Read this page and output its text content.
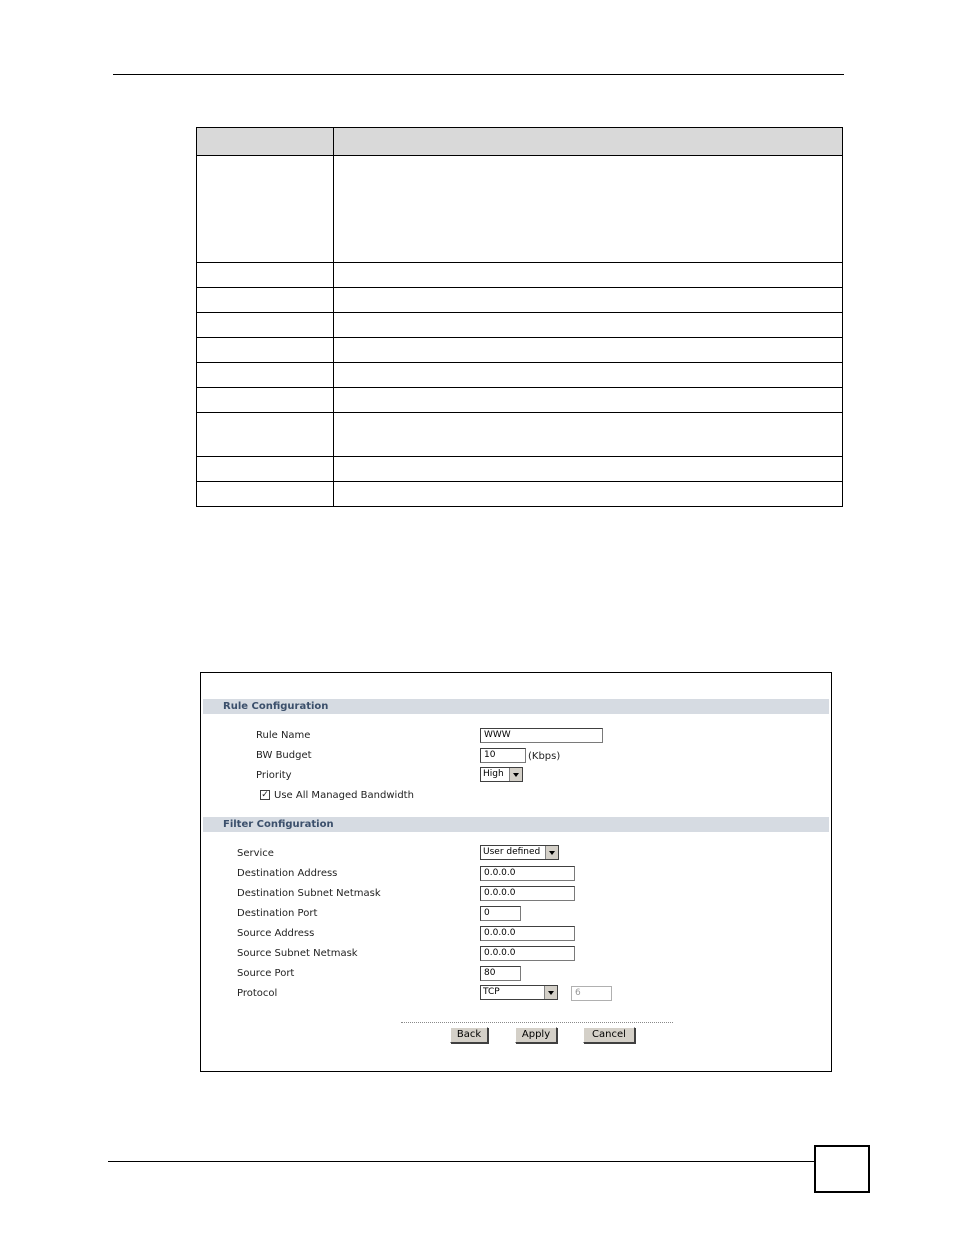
Rule Configuration
Rule Name	WWW
BW Budget	10	(Kbps)
Priority	High
✓ Use All Managed Bandwidth
Filter Configuration
Service	User defined
Destination Address	0.0.0.0
Destination Subnet Netmask	0.0.0.0
Destination Port	0
Source Address	0.0.0.0
Source Subnet Netmask	0.0.0.0
Source Port	80
Protocol	TCP	6
Back	Apply	Cancel
